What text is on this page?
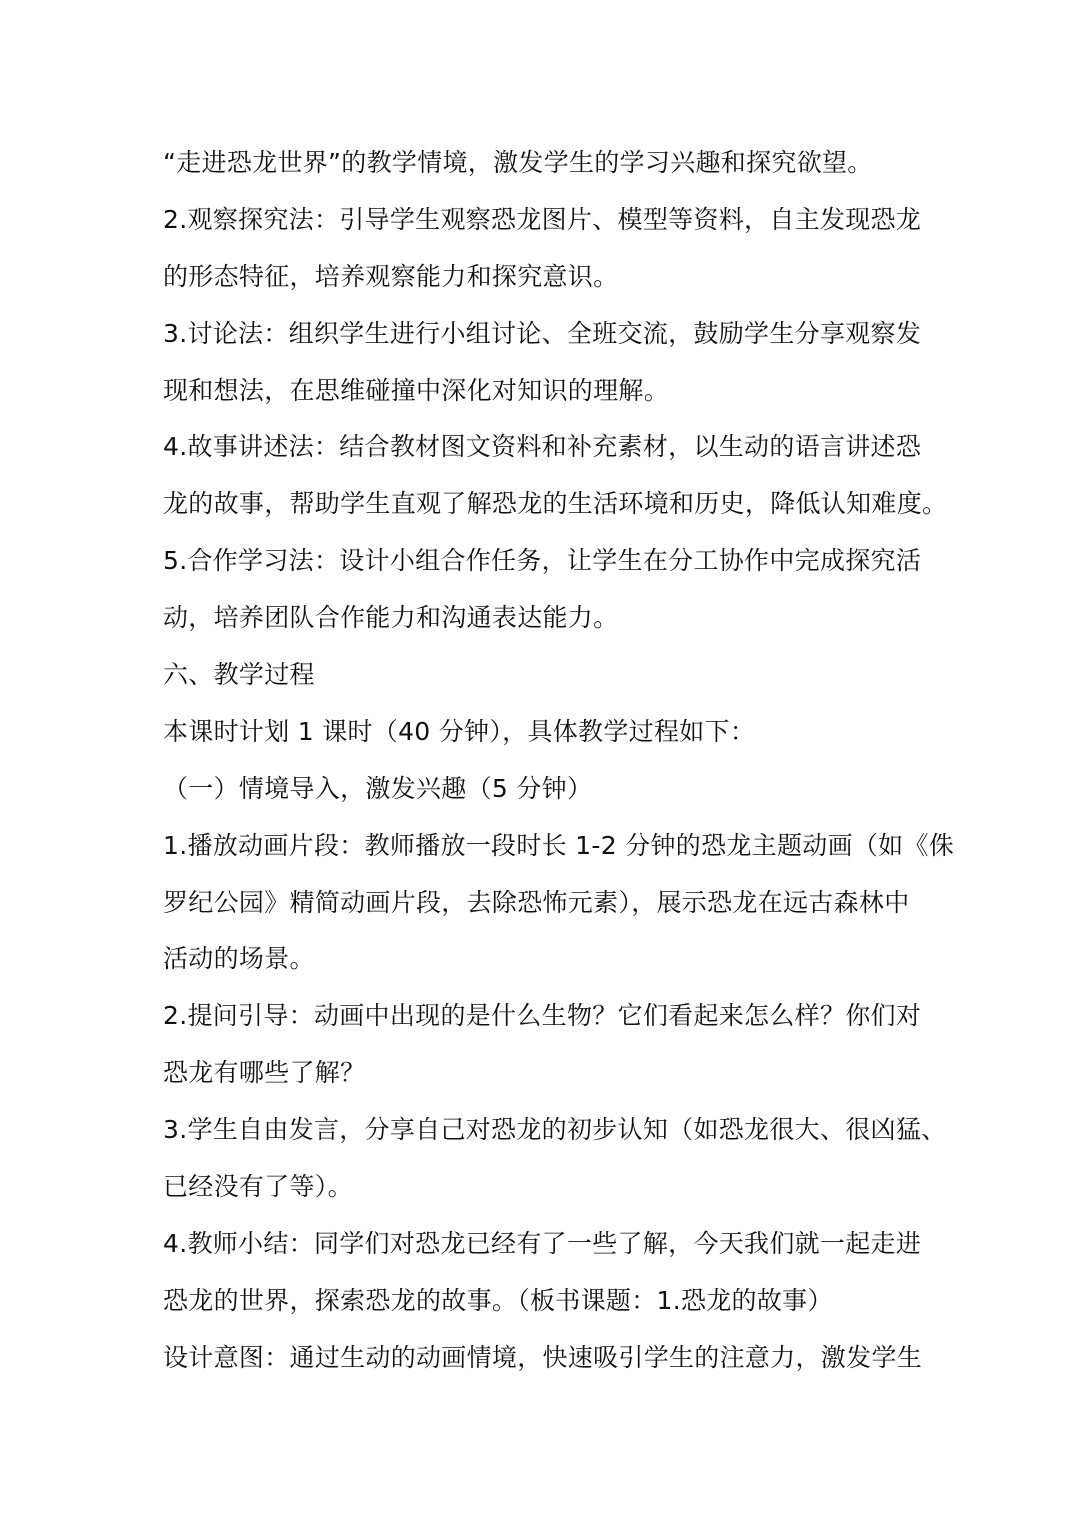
“走进恐龙世界”的教学情境，激发学生的学习兴趣和探究欲望。
2.观察探究法：引导学生观察恐龙图片、模型等资料，自主发现恐龙
的形态特征，培养观察能力和探究意识。
3.讨论法：组织学生进行小组讨论、全班交流，鼓励学生分享观察发
现和想法，在思维碰撞中深化对知识的理解。
4.故事讲述法：结合教材图文资料和补充素材，以生动的语言讲述恐
龙的故事，帮助学生直观了解恐龙的生活环境和历史，降低认知难度。
5.合作学习法：设计小组合作任务，让学生在分工协作中完成探究活
动，培养团队合作能力和沟通表达能力。
六、教学过程
本课时计划 1 课时（40 分钟），具体教学过程如下：
（一）情境导入，激发兴趣（5 分钟）
1.播放动画片段：教师播放一段时长 1-2 分钟的恐龙主题动画（如《侏
罗纪公园》精简动画片段，去除恐怖元素），展示恐龙在远古森林中
活动的场景。
2.提问引导：动画中出现的是什么生物？它们看起来怎么样？你们对
恐龙有哪些了解？
3.学生自由发言，分享自己对恐龙的初步认知（如恐龙很大、很凶猛、
已经没有了等）。
4.教师小结：同学们对恐龙已经有了一些了解，今天我们就一起走进
恐龙的世界，探索恐龙的故事。（板书课题：1.恐龙的故事）
设计意图：通过生动的动画情境，快速吸引学生的注意力，激发学生
